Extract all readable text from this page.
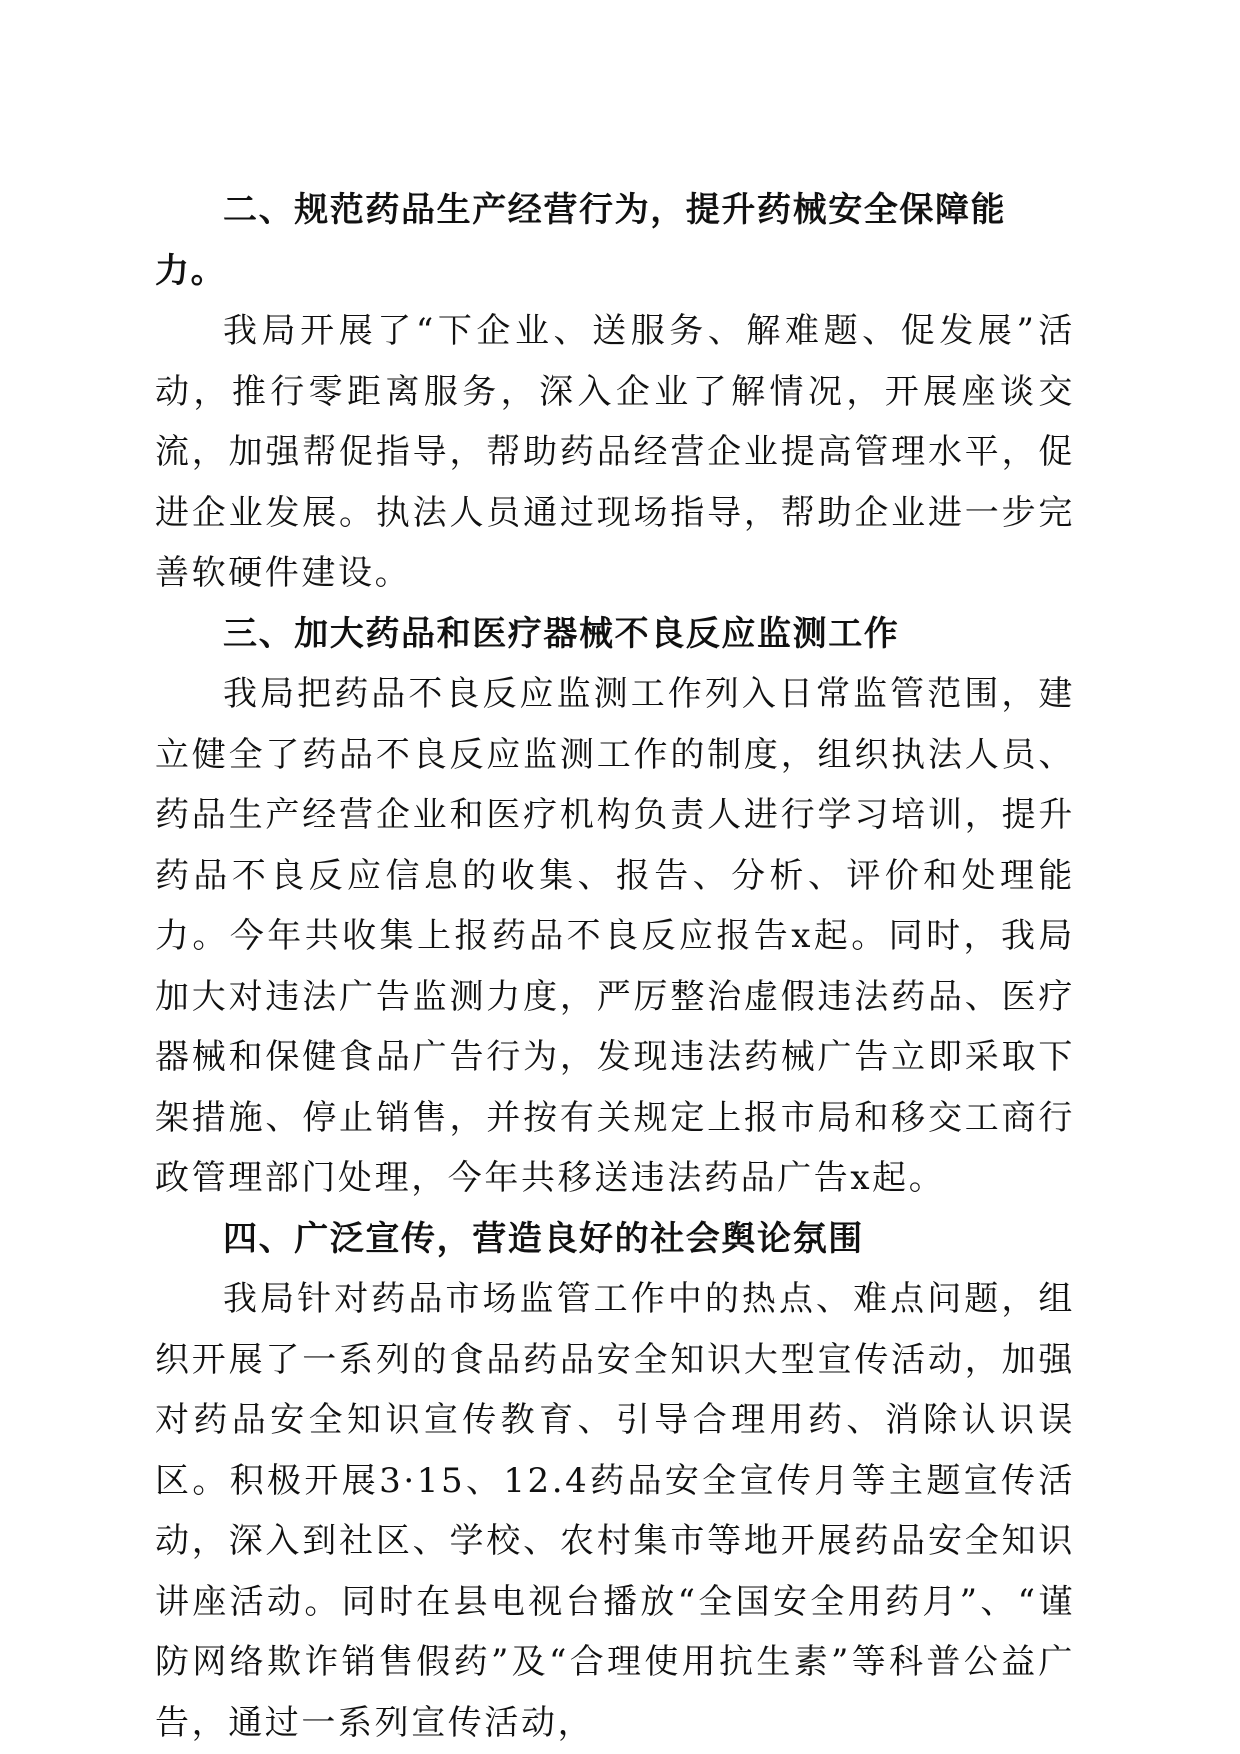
二、规范药品生产经营行为，提升药械安全保障能力。

我局开展了“下企业、送服务、解难题、促发展”活动，推行零距离服务，深入企业了解情况，开展座谈交流，加强帮促指导，帮助药品经营企业提高管理水平，促进企业发展。执法人员通过现场指导，帮助企业进一步完善软硬件建设。

三、加大药品和医疗器械不良反应监测工作

我局把药品不良反应监测工作列入日常监管范围，建立健全了药品不良反应监测工作的制度，组织执法人员、药品生产经营企业和医疗机构负责人进行学习培训，提升药品不良反应信息的收集、报告、分析、评价和处理能力。今年共收集上报药品不良反应报告x起。同时，我局加大对违法广告监测力度，严厉整治虚假违法药品、医疗器械和保健食品广告行为，发现违法药械广告立即采取下架措施、停止销售，并按有关规定上报市局和移交工商行政管理部门处理，今年共移送违法药品广告x起。

四、广泛宣传，营造良好的社会舆论氛围

我局针对药品市场监管工作中的热点、难点问题，组织开展了一系列的食品药品安全知识大型宣传活动，加强对药品安全知识宣传教育、引导合理用药、消除认识误区。积极开展3·15、12.4药品安全宣传月等主题宣传活动，深入到社区、学校、农村集市等地开展药品安全知识讲座活动。同时在县电视台播放“全国安全用药月”、“谨防网络欺诈销售假药”及“合理使用抗生素”等科普公益广告，通过一系列宣传活动，
